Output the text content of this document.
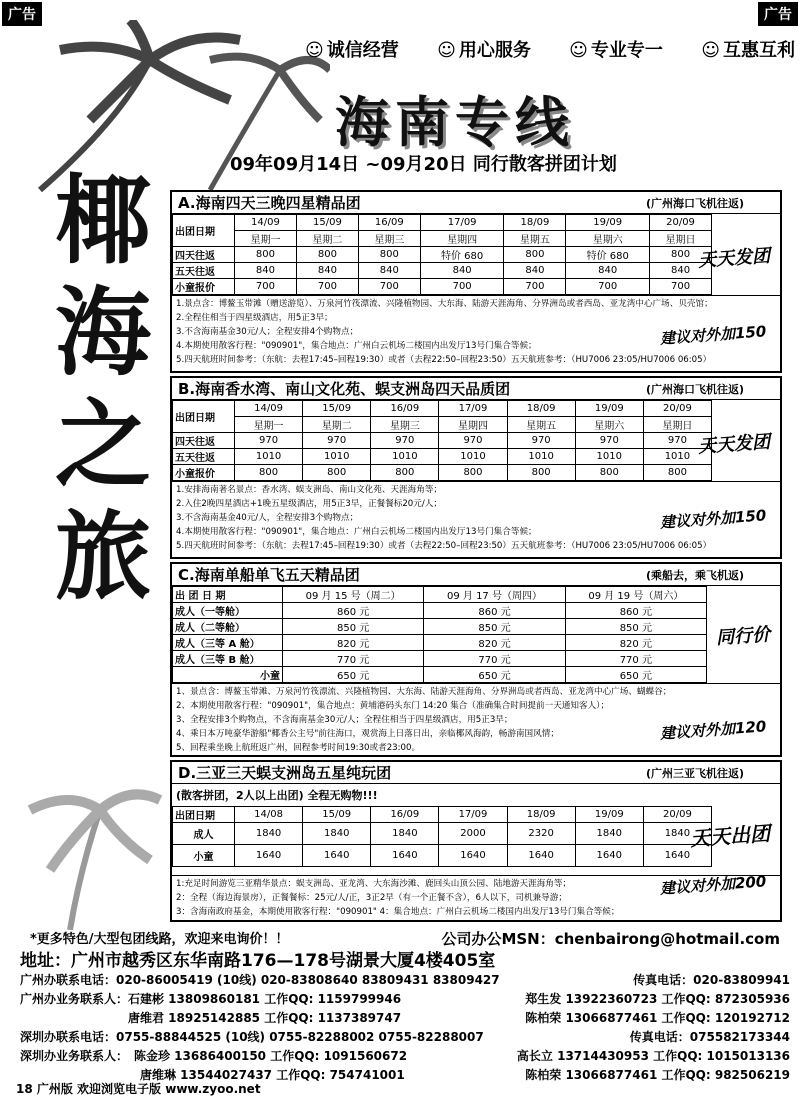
广告	广告
☺ 诚信经营	☺ 用心服务	☺ 专业专一	☺ 互惠互利
海南专线
09年09月14日 ~09月20日 同行散客拼团计划
椰
海
之
旅
A.海南四天三晚四星精品团	(广州海口飞机往返)
出团日期	14/09	15/09	16/09	17/09	18/09	19/09	20/09
	星期一	星期二	星期三	星期四	星期五	星期六	星期日
四天往返	800	800	800	特价 680	800	特价 680	800
五天往返	840	840	840	840	840	840	840
小童报价	700	700	700	700	700	700	700
天天发团
建议对外加150
1.景点含：博鳌玉带滩（赠送游览）、万泉河竹筏漂流、兴隆植物园、大东海、陆游天涯海角、分界洲岛或者西岛、亚龙湾中心广场、贝壳馆；
2.全程住相当于四星级酒店，用5正3早；
3.不含海南基金30元/人；全程安排4个购物点；
4.本期使用散客行程："090901"，集合地点：广州白云机场二楼国内出发厅13号门集合等候；
5.四天航班时间参考：（东航：去程17:45–回程19:30）或者（去程22:50–回程23:50）五天航班参考：（HU7006 23:05/HU7006 06:05）
B.海南香水湾、南山文化苑、蜈支洲岛四天品质团	(广州海口飞机往返)
出团日期	14/09	15/09	16/09	17/09	18/09	19/09	20/09
	星期一	星期二	星期三	星期四	星期五	星期六	星期日
四天往返	970	970	970	970	970	970	970
五天往返	1010	1010	1010	1010	1010	1010	1010
小童报价	800	800	800	800	800	800	800
天天发团
建议对外加150
1.安排海南著名景点：香水湾、蜈支洲岛、南山文化苑、天涯海角等；
2.入住2晚四星酒店+1晚五星级酒店，用5正3早，正餐餐标20元/人；
3.不含海南基金40元/人，全程安排3个购物点；
4.本期使用散客行程："090901"，集合地点：广州白云机场二楼国内出发厅13号门集合等候；
5.四天航班时间参考：（东航：去程17:45–回程19:30）或者（去程22:50–回程23:50）五天航班参考：（HU7006 23:05/HU7006 06:05）
C.海南单船单飞五天精品团	(乘船去，乘飞机返)
出 团 日 期	09 月 15 号（周二）	09 月 17 号（周四）	09 月 19 号（周六）
成人（一等舱）	860 元	860 元	860 元
成人（二等舱）	850 元	850 元	850 元
成人（三等 A 舱）	820 元	820 元	820 元
成人（三等 B 舱）	770 元	770 元	770 元
小童	650 元	650 元	650 元
同行价
建议对外加120
1、景点含：博鳌玉带滩、万泉河竹筏漂流、兴隆植物园、大东海、陆游天涯海角、分界洲岛或者西岛、亚龙湾中心广场、蝴蝶谷；
2、本期使用散客行程："090901"，集合地点：黄埔港码头东门 14:20 集合（准确集合时间提前一天通知客人）；
3、全程安排3个购物点，不含海南基金30元/人；全程住相当于四星级酒店，用5正3早；
4、乘日本万吨豪华游船"椰香公主号"前往海口，观赏海上日落日出，亲临椰风海韵，畅游南国风情；
5、回程乘坐晚上航班返广州，回程参考时间19:30或者23:00。
D.三亚三天蜈支洲岛五星纯玩团	(广州三亚飞机往返)
(散客拼团，2人以上出团) 全程无购物!!!
出团日期	14/08	15/09	16/09	17/09	18/09	19/09	20/09
成人	1840	1840	1840	2000	2320	1840	1840
小童	1640	1640	1640	1640	1640	1640	1640
天天出团
建议对外加200
1:充足时间游览三亚精华景点：蜈支洲岛、亚龙湾、大东海沙滩、鹿回头山顶公园、陆地游天涯海角等；
2：全程（海边海景房），正餐餐标：25元/人/正，3正2早（有一个正餐不含），6人以下，司机兼导游；
3：含海南政府基金，本期使用散客行程："090901" 4：集合地点：广州白云机场二楼国内出发厅13号门集合等候；
*更多特色/大型包团线路，欢迎来电询价！！	公司办公MSN：chenbairong@hotmail.com
地址：广州市越秀区东华南路176—178号湖景大厦4楼405室
广州办联系电话：020-86005419 (10线) 020-83808640 83809431 83809427	传真电话：020-83809941
广州办业务联系人：石建彬 13809860181 工作QQ: 1159799946	郑生发 13922360723 工作QQ: 872305936
　　　　　　　　　唐维君 18925142885 工作QQ: 1137389747	陈柏荣 13066877461 工作QQ: 120192712
深圳办联系电话：0755-88844525 (10线) 0755-82288002 0755-82288007	传真电话：075582173344
深圳办业务联系人：　陈金珍 13686400150 工作QQ: 1091560672	高长立 13714430953 工作QQ: 1015013136
　　　　　　　　　　唐维琳 13544027437 工作QQ: 754741001	陈柏荣 13066877461 工作QQ: 982506219
18 广州版 欢迎浏览电子版 www.zyoo.net
